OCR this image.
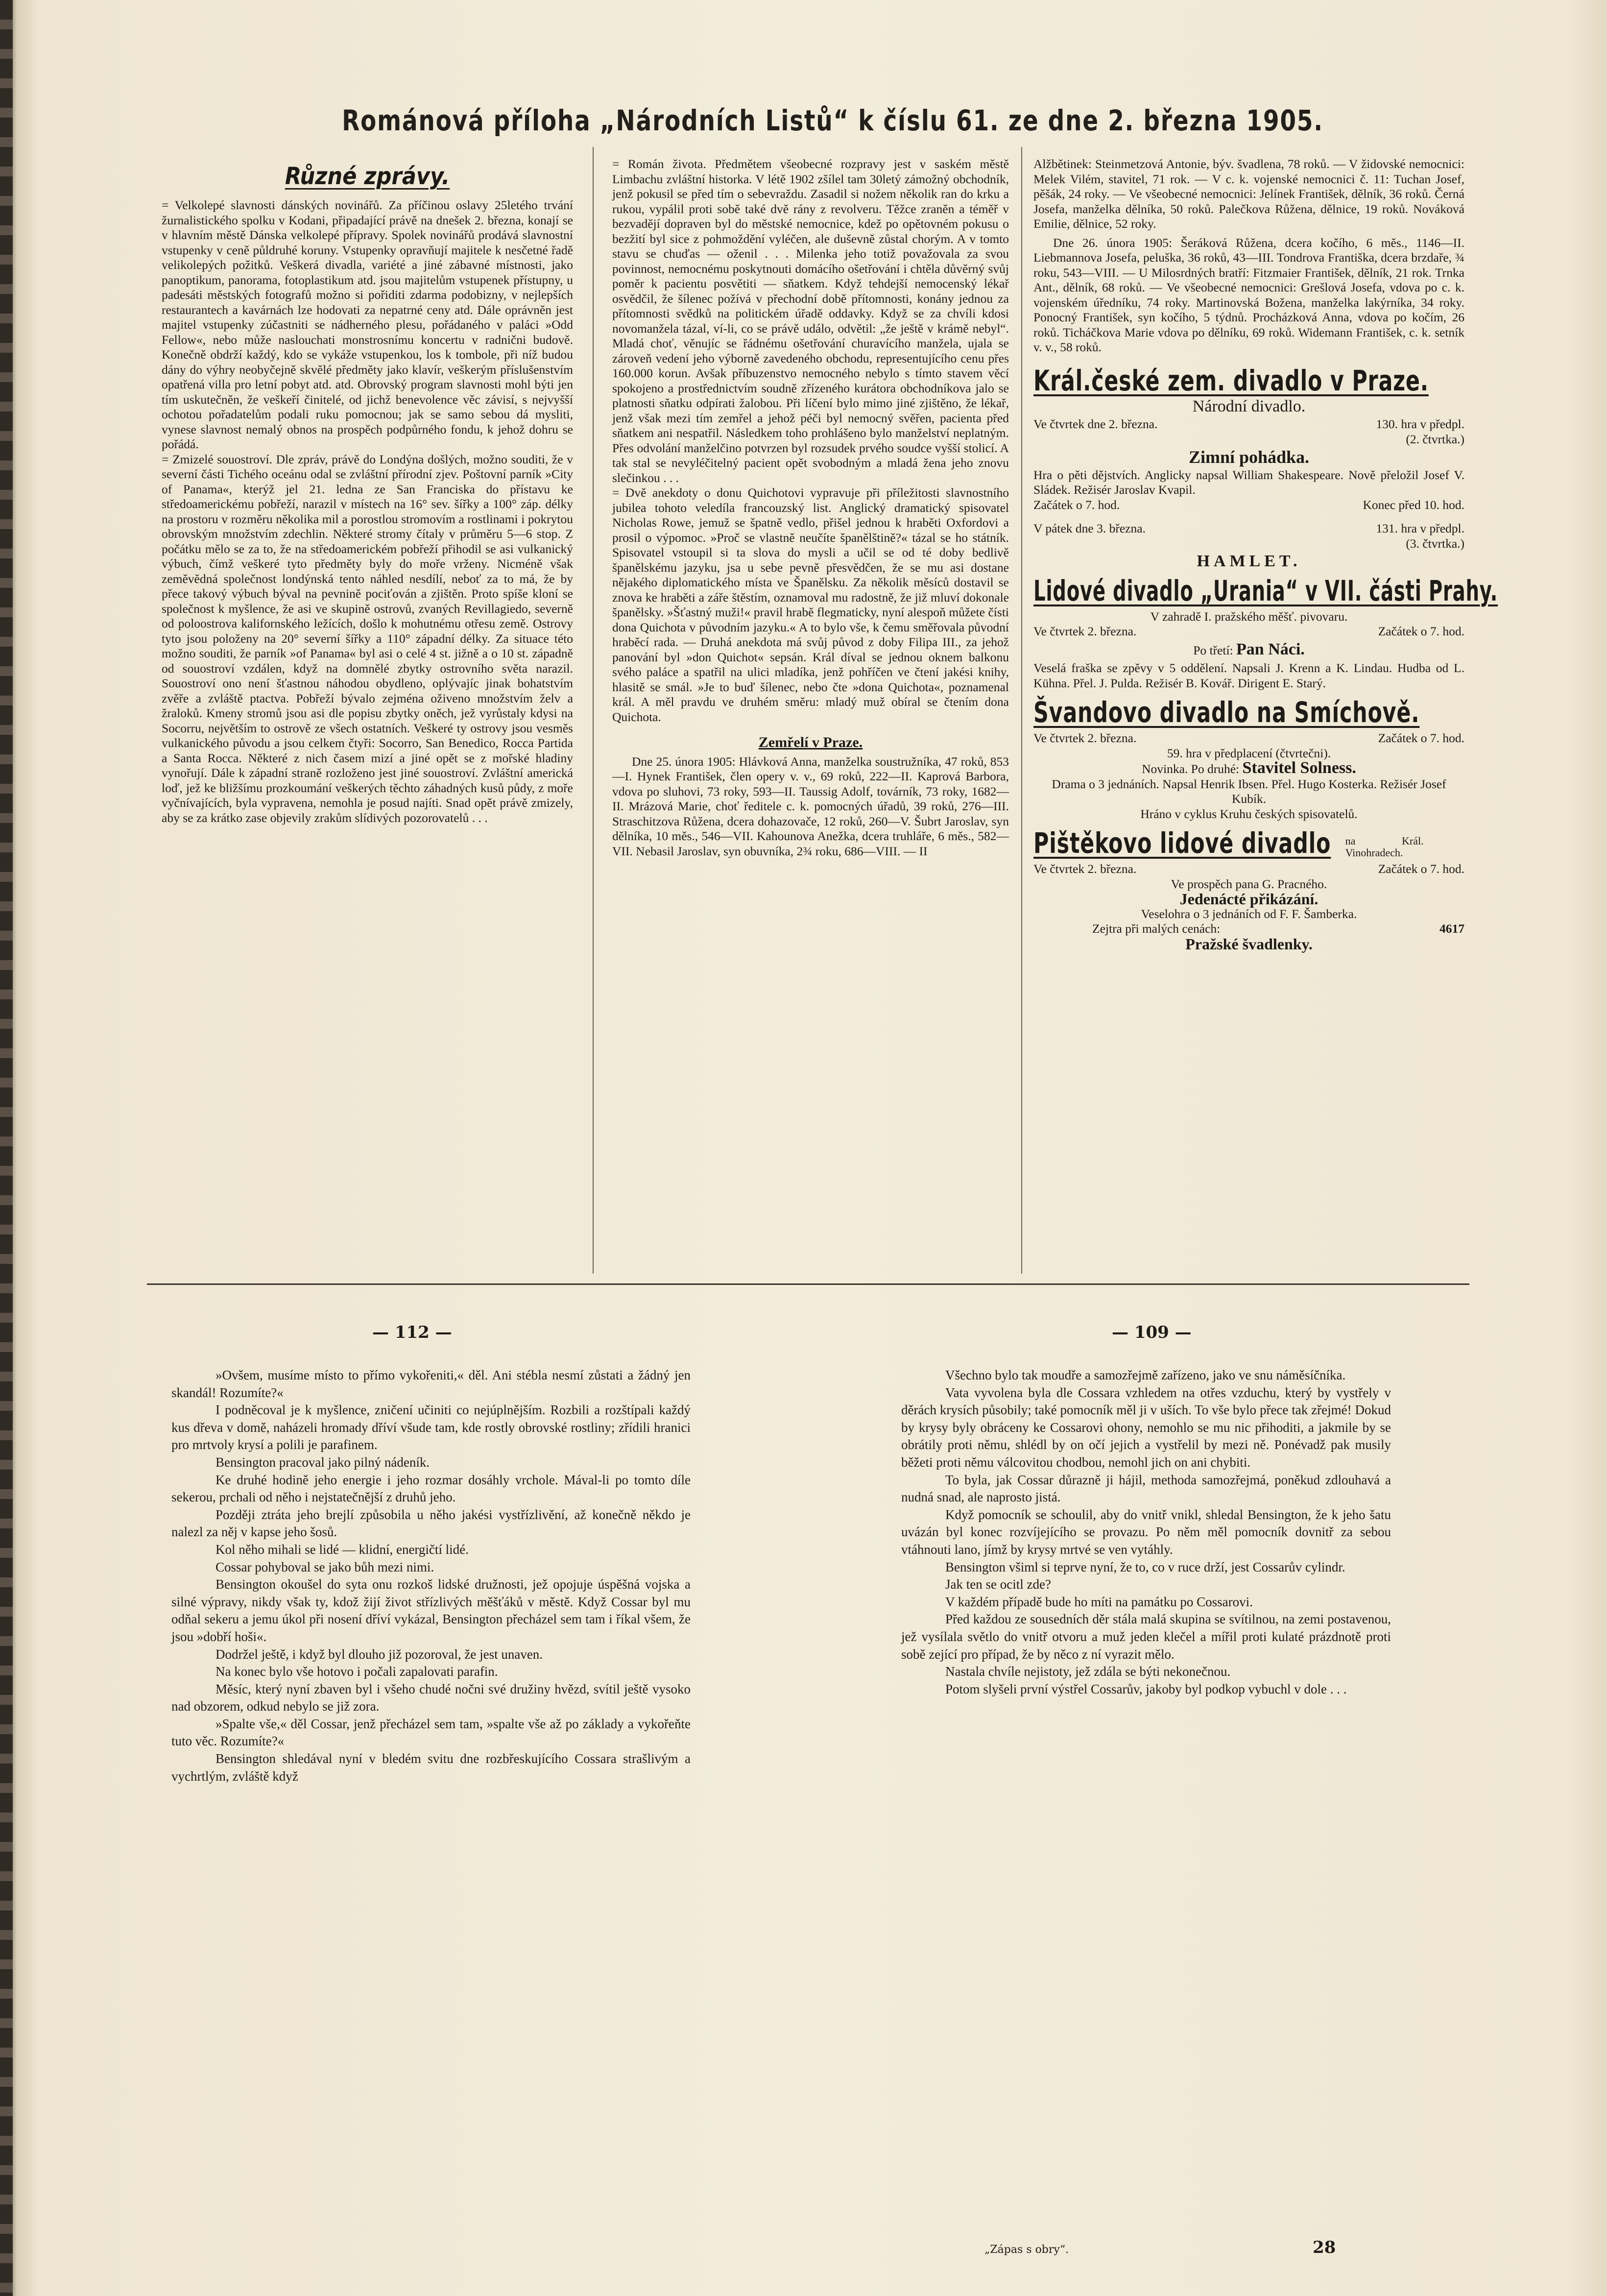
Románová příloha „Národních Listů“ k číslu 61. ze dne 2. března 1905.
Různé zprávy.

= Velkolepé slavnosti dánských novinářů. Za příčinou oslavy 25letého trvání žurnalistického spolku v Kodani, připadající právě na dnešek 2. března, konají se v hlavním městě Dánska velkolepé přípravy. Spolek novinářů prodává slavnostní vstupenky v ceně půldruhé koruny. Vstupenky opravňují majitele k nesčetné řadě velikolepých požitků. Veškerá divadla, variété a jiné zábavné místnosti, jako panoptikum, panorama, fotoplastikum atd. jsou majitelům vstupenek přístupny, u padesáti městských fotografů možno si pořiditi zdarma podobizny, v nejlepších restaurantech a kavárnách lze hodovati za nepatrné ceny atd. Dále oprávněn jest majitel vstupenky zúčastniti se nádherného plesu, pořádaného v paláci »Odd Fellow«, nebo může naslouchati monstrosnímu koncertu v radnični budově. Konečně obdrží každý, kdo se vykáže vstupenkou, los k tombole, při níž budou dány do výhry neobyčejně skvělé předměty jako klavír, veškerým příslušenstvím opatřená villa pro letní pobyt atd. atd. Obrovský program slavnosti mohl býti jen tím uskutečněn, že veškeří činitelé, od jichž benevolence věc závisí, s nejvyšší ochotou pořadatelům podali ruku pomocnou; jak se samo sebou dá mysliti, vynese slavnost nemalý obnos na prospěch podpůrného fondu, k jehož dohru se pořádá.

= Zmizelé souostroví. Dle zpráv, právě do Londýna došlých, možno souditi, že v severní části Tichého oceánu odal se zvláštní přírodní zjev. Poštovní parník »City of Panama«, kterýž jel 21. ledna ze San Franciska do přístavu ke středoamerickému pobřeží, narazil v místech na 16° sev. šířky a 100° záp. délky na prostoru v rozměru několika mil a porostlou stromovím a rostlinami i pokrytou obrovským množstvím zdechlin. Některé stromy čítaly v průměru 5—6 stop. Z počátku mělo se za to, že na středoamerickém pobřeží přihodil se asi vulkanický výbuch, čímž veškeré tyto předměty byly do moře vrženy. Nicméně však zeměvědná společnost londýnská tento náhled nesdílí, neboť za to má, že by přece takový výbuch býval na pevnině pociťován a zjištěn. Proto spíše kloní se společnost k myšlence, že asi ve skupině ostrovů, zvaných Revillagiedo, severně od poloostrova kalifornského ležících, došlo k mohutnému otřesu země. Ostrovy tyto jsou položeny na 20° severní šířky a 110° západní délky. Za situace této možno souditi, že parník »of Panama« byl asi o celé 4 st. jižně a o 10 st. západně od souostroví vzdálen, když na domnělé zbytky ostrovního světa narazil. Souostroví ono není šťastnou náhodou obydleno, oplývajíc jinak bohatstvím zvěře a zvláště ptactva. Pobřeží bývalo zejména oživeno množstvím želv a žraloků. Kmeny stromů jsou asi dle popisu zbytky oněch, jež vyrůstaly kdysi na Socorru, největším to ostrově ze všech ostatních. Veškeré ty ostrovy jsou vesměs vulkanického původu a jsou celkem čtyři: Socorro, San Benedico, Rocca Partida a Santa Rocca. Některé z nich časem mizí a jiné opět se z mořské hladiny vynořují. Dále k západní straně rozloženo jest jiné souostroví. Zvláštní americká loď, jež ke bližšímu prozkoumání veškerých těchto záhadných kusů půdy, z moře vyčnívajících, byla vypravena, nemohla je posud najíti. Snad opět právě zmizely, aby se za krátko zase objevily zrakům slídivých pozorovatelů . . .

= Román života. Předmětem všeobecné rozpravy jest v saském městě Limbachu zvláštní historka. V létě 1902 zšílel tam 30letý zámožný obchodník, jenž pokusil se před tím o sebevraždu. Zasadil si nožem několik ran do krku a rukou, vypálil proti sobě také dvě rány z revolveru. Těžce zraněn a téměř v bezvadějí dopraven byl do městské nemocnice, kdež po opětovném pokusu o bezžití byl sice z pohmoždění vyléčen, ale duševně zůstal chorým. A v tomto stavu se chuďas — oženil . . . Milenka jeho totiž považovala za svou povinnost, nemocnému poskytnouti domácího ošetřování i chtěla důvěrný svůj poměr k pacientu posvětiti — sňatkem. Když tehdejší nemocenský lékař osvědčil, že šílenec požívá v přechodní době přítomnosti, konány jednou za přítomnosti svědků na politickém úřadě oddavky. Když se za chvíli kdosi novomanžela tázal, ví-li, co se právě událo, odvětil: „že ještě v krámě nebyl“. Mladá choť, věnujíc se řádnému ošetřování churavícího manžela, ujala se zároveň vedení jeho výborně zavedeného obchodu, representujícího cenu přes 160.000 korun. Avšak příbuzenstvo nemocného nebylo s tímto stavem věcí spokojeno a prostřednictvím soudně zřízeného kurátora obchodníkova jalo se platnosti sňatku odpírati žalobou. Při líčení bylo mimo jiné zjištěno, že lékař, jenž však mezi tím zemřel a jehož péči byl nemocný svěřen, pacienta před sňatkem ani nespatřil. Následkem toho prohlášeno bylo manželství neplatným. Přes odvolání manželčino potvrzen byl rozsudek prvého soudce vyšší stolicí. A tak stal se nevyléčitelný pacient opět svobodným a mladá žena jeho znovu slečinkou . . .

= Dvě anekdoty o donu Quichotovi vypravuje při příležitosti slavnostního jubilea tohoto veledíla francouzský list. Anglický dramatický spisovatel Nicholas Rowe, jemuž se špatně vedlo, přišel jednou k hraběti Oxfordovi a prosil o výpomoc. »Proč se vlastně neučíte španělštině?« tázal se ho státník. Spisovatel vstoupil si ta slova do mysli a učil se od té doby bedlivě španělskému jazyku, jsa u sebe pevně přesvědčen, že se mu asi dostane nějakého diplomatického místa ve Španělsku. Za několik měsíců dostavil se znova ke hraběti a záře štěstím, oznamoval mu radostně, že již mluví dokonale španělsky. »Šťastný muži!« pravil hrabě flegmaticky, nyní alespoň můžete čísti dona Quichota v původním jazyku.« A to bylo vše, k čemu směřovala původní hraběcí rada. — Druhá anekdota má svůj původ z doby Filipa III., za jehož panování byl »don Quichot« sepsán. Král díval se jednou oknem balkonu svého paláce a spatřil na ulici mladíka, jenž pohříčen ve čtení jakési knihy, hlasitě se smál. »Je to buď šílenec, nebo čte »dona Quichota«, poznamenal král. A měl pravdu ve druhém směru: mladý muž obíral se čtením dona Quichota.

Zemřelí v Praze.

Dne 25. února 1905: Hlávková Anna, manželka soustružníka, 47 roků, 853—I. Hynek František, člen opery v. v., 69 roků, 222—II. Kaprová Barbora, vdova po sluhovi, 73 roky, 593—II. Taussig Adolf, továrník, 73 roky, 1682—II. Mrázová Marie, choť ředitele c. k. pomocných úřadů, 39 roků, 276—III. Straschitzova Růžena, dcera dohazovače, 12 roků, 260—V. Šubrt Jaroslav, syn dělníka, 10 měs., 546—VII. Kahounova Anežka, dcera truhláře, 6 měs., 582—VII. Nebasil Jaroslav, syn obuvníka, 2¾ roku, 686—VIII. — II

Alžbětinek: Steinmetzová Antonie, býv. švadlena, 78 roků. — V židovské nemocnici: Melek Vilém, stavitel, 71 rok. — V c. k. vojenské nemocnici č. 11: Tuchan Josef, pěšák, 24 roky. — Ve všeobecné nemocnici: Jelínek František, dělník, 36 roků. Černá Josefa, manželka dělníka, 50 roků. Palečkova Růžena, dělnice, 19 roků. Nováková Emilie, dělnice, 52 roky.

Dne 26. února 1905: Šeráková Růžena, dcera kočího, 6 měs., 1146—II. Liebmannova Josefa, peluška, 36 roků, 43—III. Tondrova Františka, dcera brzdaře, ¾ roku, 543—VIII. — U Milosrdných bratří: Fitzmaier František, dělník, 21 rok. Trnka Ant., dělník, 68 roků. — Ve všeobecné nemocnici: Grešlová Josefa, vdova po c. k. vojenském úředníku, 74 roky. Martinovská Božena, manželka lakýrníka, 34 roky. Ponocný František, syn kočího, 5 týdnů. Procházková Anna, vdova po kočím, 26 roků. Ticháčkova Marie vdova po dělníku, 69 roků. Widemann František, c. k. setník v. v., 58 roků.

Král.české zem. divadlo v Praze.
Národní divadlo.
Ve čtvrtek dne 2. března.	130. hra v předpl.
(2. čtvrtka.)
Zimní pohádka.

Hra o pěti dějstvích. Anglicky napsal William Shakespeare. Nově přeložil Josef V. Sládek. Režisér Jaroslav Kvapil.

Začátek o 7. hod.	Konec před 10. hod.
V pátek dne 3. března.	131. hra v předpl.
(3. čtvrtka.)
HAMLET.
Lidové divadlo „Urania“ v VII. části Prahy.
V zahradě I. pražského měšť. pivovaru.
Ve čtvrtek 2. března.	Začátek o 7. hod.
Po třetí: Pan Náci.

Veselá fraška se zpěvy v 5 oddělení. Napsali J. Krenn a K. Lindau. Hudba od L. Kühna. Přel. J. Pulda. Režisér B. Kovář. Dirigent E. Starý.

Švandovo divadlo na Smíchově.
Ve čtvrtek 2. března.	Začátek o 7. hod.
59. hra v předplacení (čtvrtečni).
Novinka. Po druhé: Stavitel Solness.

Drama o 3 jednáních. Napsal Henrik Ibsen. Přel. Hugo Kosterka. Režisér Josef Kubík.

Hráno v cyklus Kruhu českých spisovatelů.
Pištěkovo lidové divadlo na Král. Vinohradech.
Ve čtvrtek 2. března.	Začátek o 7. hod.
Ve prospěch pana G. Pracného.
Jedenácté přikázání.
Veselohra o 3 jednáních od F. F. Šamberka.
Zejtra při malých cenách:	4617
Pražské švadlenky.
— 112 —	— 109 —

»Ovšem, musíme místo to přímo vykořeniti,« děl. Ani stébla nesmí zůstati a žádný jen skandál! Rozumíte?«

I podněcoval je k myšlence, zničení učiniti co nejúplnějším. Rozbili a rozštípali každý kus dřeva v domě, naházeli hromady dříví všude tam, kde rostly obrovské rostliny; zřídili hranici pro mrtvoly krysí a polili je parafinem.

Bensington pracoval jako pilný nádeník.

Ke druhé hodině jeho energie i jeho rozmar dosáhly vrchole. Mával-li po tomto díle sekerou, prchali od něho i nejstatečnější z druhů jeho.

Později ztráta jeho brejlí způsobila u něho jakési vystřízlivění, až konečně někdo je nalezl za něj v kapse jeho šosů.

Kol něho mihali se lidé — klidní, energičtí lidé.

Cossar pohyboval se jako bůh mezi nimi.

Bensington okoušel do syta onu rozkoš lidské družnosti, jež opojuje úspěšná vojska a silné výpravy, nikdy však ty, kdož žijí život střízlivých měšťáků v městě. Když Cossar byl mu odňal sekeru a jemu úkol při nosení dříví vykázal, Bensington přecházel sem tam i říkal všem, že jsou »dobří hoši«.

Dodržel ještě, i když byl dlouho již pozoroval, že jest unaven.

Na konec bylo vše hotovo i počali zapalovati parafin.

Měsíc, který nyní zbaven byl i všeho chudé nočni své družiny hvězd, svítil ještě vysoko nad obzorem, odkud nebylo se již zora.

»Spalte vše,« děl Cossar, jenž přecházel sem tam, »spalte vše až po základy a vykořeňte tuto věc. Rozumíte?«

Bensington shledával nyní v bledém svitu dne rozbřeskujícího Cossara strašlivým a vychrtlým, zvláště když

Všechno bylo tak moudře a samozřejmě zařízeno, jako ve snu náměsíčníka.

Vata vyvolena byla dle Cossara vzhledem na otřes vzduchu, který by vystřely v děrách krysích působily; také pomocník měl ji v uších. To vše bylo přece tak zřejmé! Dokud by krysy byly obráceny ke Cossarovi ohony, nemohlo se mu nic přihoditi, a jakmile by se obrátily proti němu, shlédl by on očí jejich a vystřelil by mezi ně. Ponévadž pak musily běžeti proti němu válcovitou chodbou, nemohl jich on ani chybiti.

To byla, jak Cossar důrazně ji hájil, methoda samozřejmá, poněkud zdlouhavá a nudná snad, ale naprosto jistá.

Když pomocník se schoulil, aby do vnitř vnikl, shledal Bensington, že k jeho šatu uvázán byl konec rozvíjejícího se provazu. Po něm měl pomocník dovnitř za sebou vtáhnouti lano, jímž by krysy mrtvé se ven vytáhly.

Bensington všiml si teprve nyní, že to, co v ruce drží, jest Cossarův cylindr.

Jak ten se ocitl zde?

V každém případě bude ho míti na památku po Cossarovi.

Před každou ze sousedních děr stála malá skupina se svítilnou, na zemi postavenou, jež vysílala světlo do vnitř otvoru a muž jeden klečel a mířil proti kulaté prázdnotě proti sobě zející pro případ, že by něco z ní vyrazit mělo.

Nastala chvíle nejistoty, jež zdála se býti nekonečnou.

Potom slyšeli první výstřel Cossarův, jakoby byl podkop vybuchl v dole . . .

„Zápas s obry“.	28
